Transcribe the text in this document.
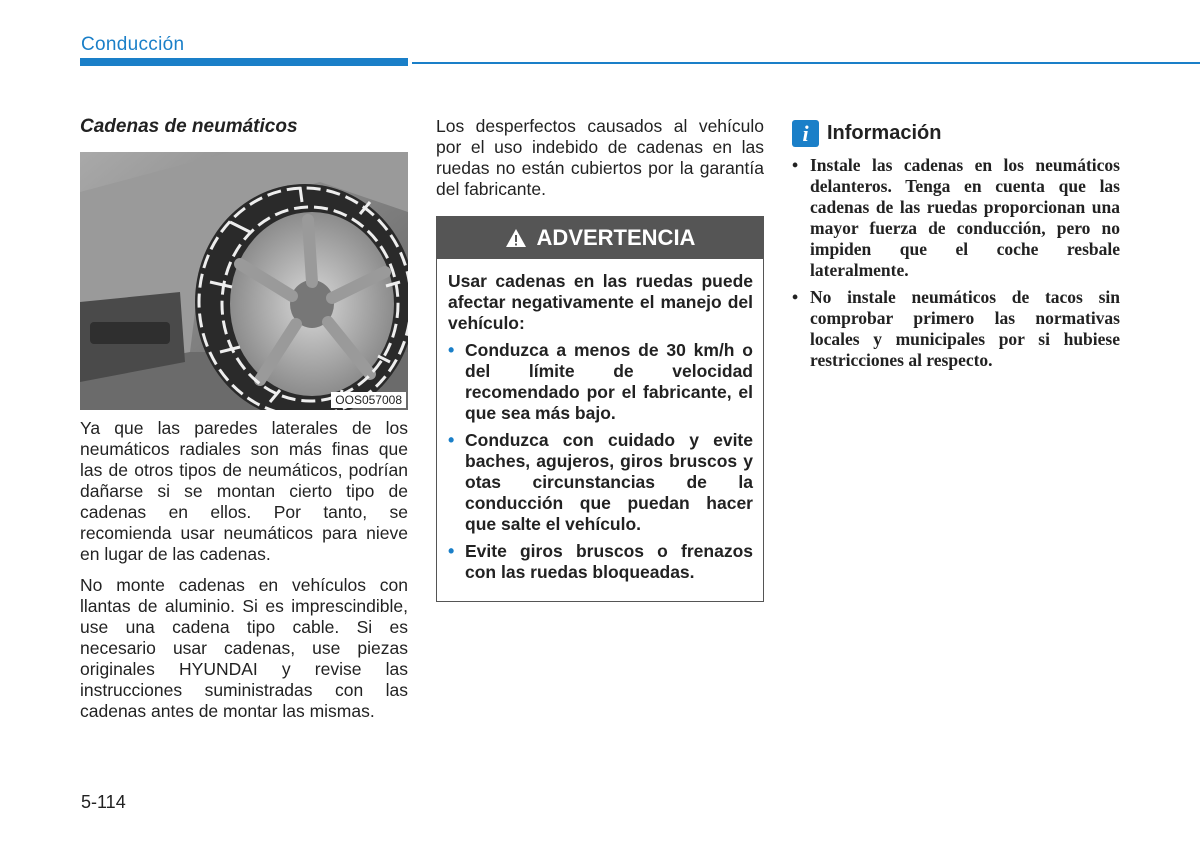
Conducción
Cadenas de neumáticos
OOS057008

Ya que las paredes laterales de los neumáticos radiales son más finas que las de otros tipos de neumáticos, podrían dañarse si se montan cierto tipo de cadenas en ellos. Por tanto, se recomienda usar neumáticos para nieve en lugar de las cadenas.

No monte cadenas en vehículos con llantas de aluminio. Si es imprescindible, use una cadena tipo cable. Si es necesario usar cadenas, use piezas originales HYUNDAI y revise las instrucciones suministradas con las cadenas antes de montar las mismas.

Los desperfectos causados al vehículo por el uso indebido de cadenas en las ruedas no están cubiertos por la garantía del fabricante.

ADVERTENCIA

Usar cadenas en las ruedas puede afectar negativamente el manejo del vehículo:

• Conduzca a menos de 30 km/h o del límite de velocidad recomendado por el fabricante, el que sea más bajo.
• Conduzca con cuidado y evite baches, agujeros, giros bruscos y otas circunstancias de la conducción que puedan hacer que salte el vehículo.
• Evite giros bruscos o frenazos con las ruedas bloqueadas.
i Información
• Instale las cadenas en los neumáticos delanteros. Tenga en cuenta que las cadenas de las ruedas proporcionan una mayor fuerza de conducción, pero no impiden que el coche resbale lateralmente.
• No instale neumáticos de tacos sin comprobar primero las normativas locales y municipales por si hubiese restricciones al respecto.
5-114
